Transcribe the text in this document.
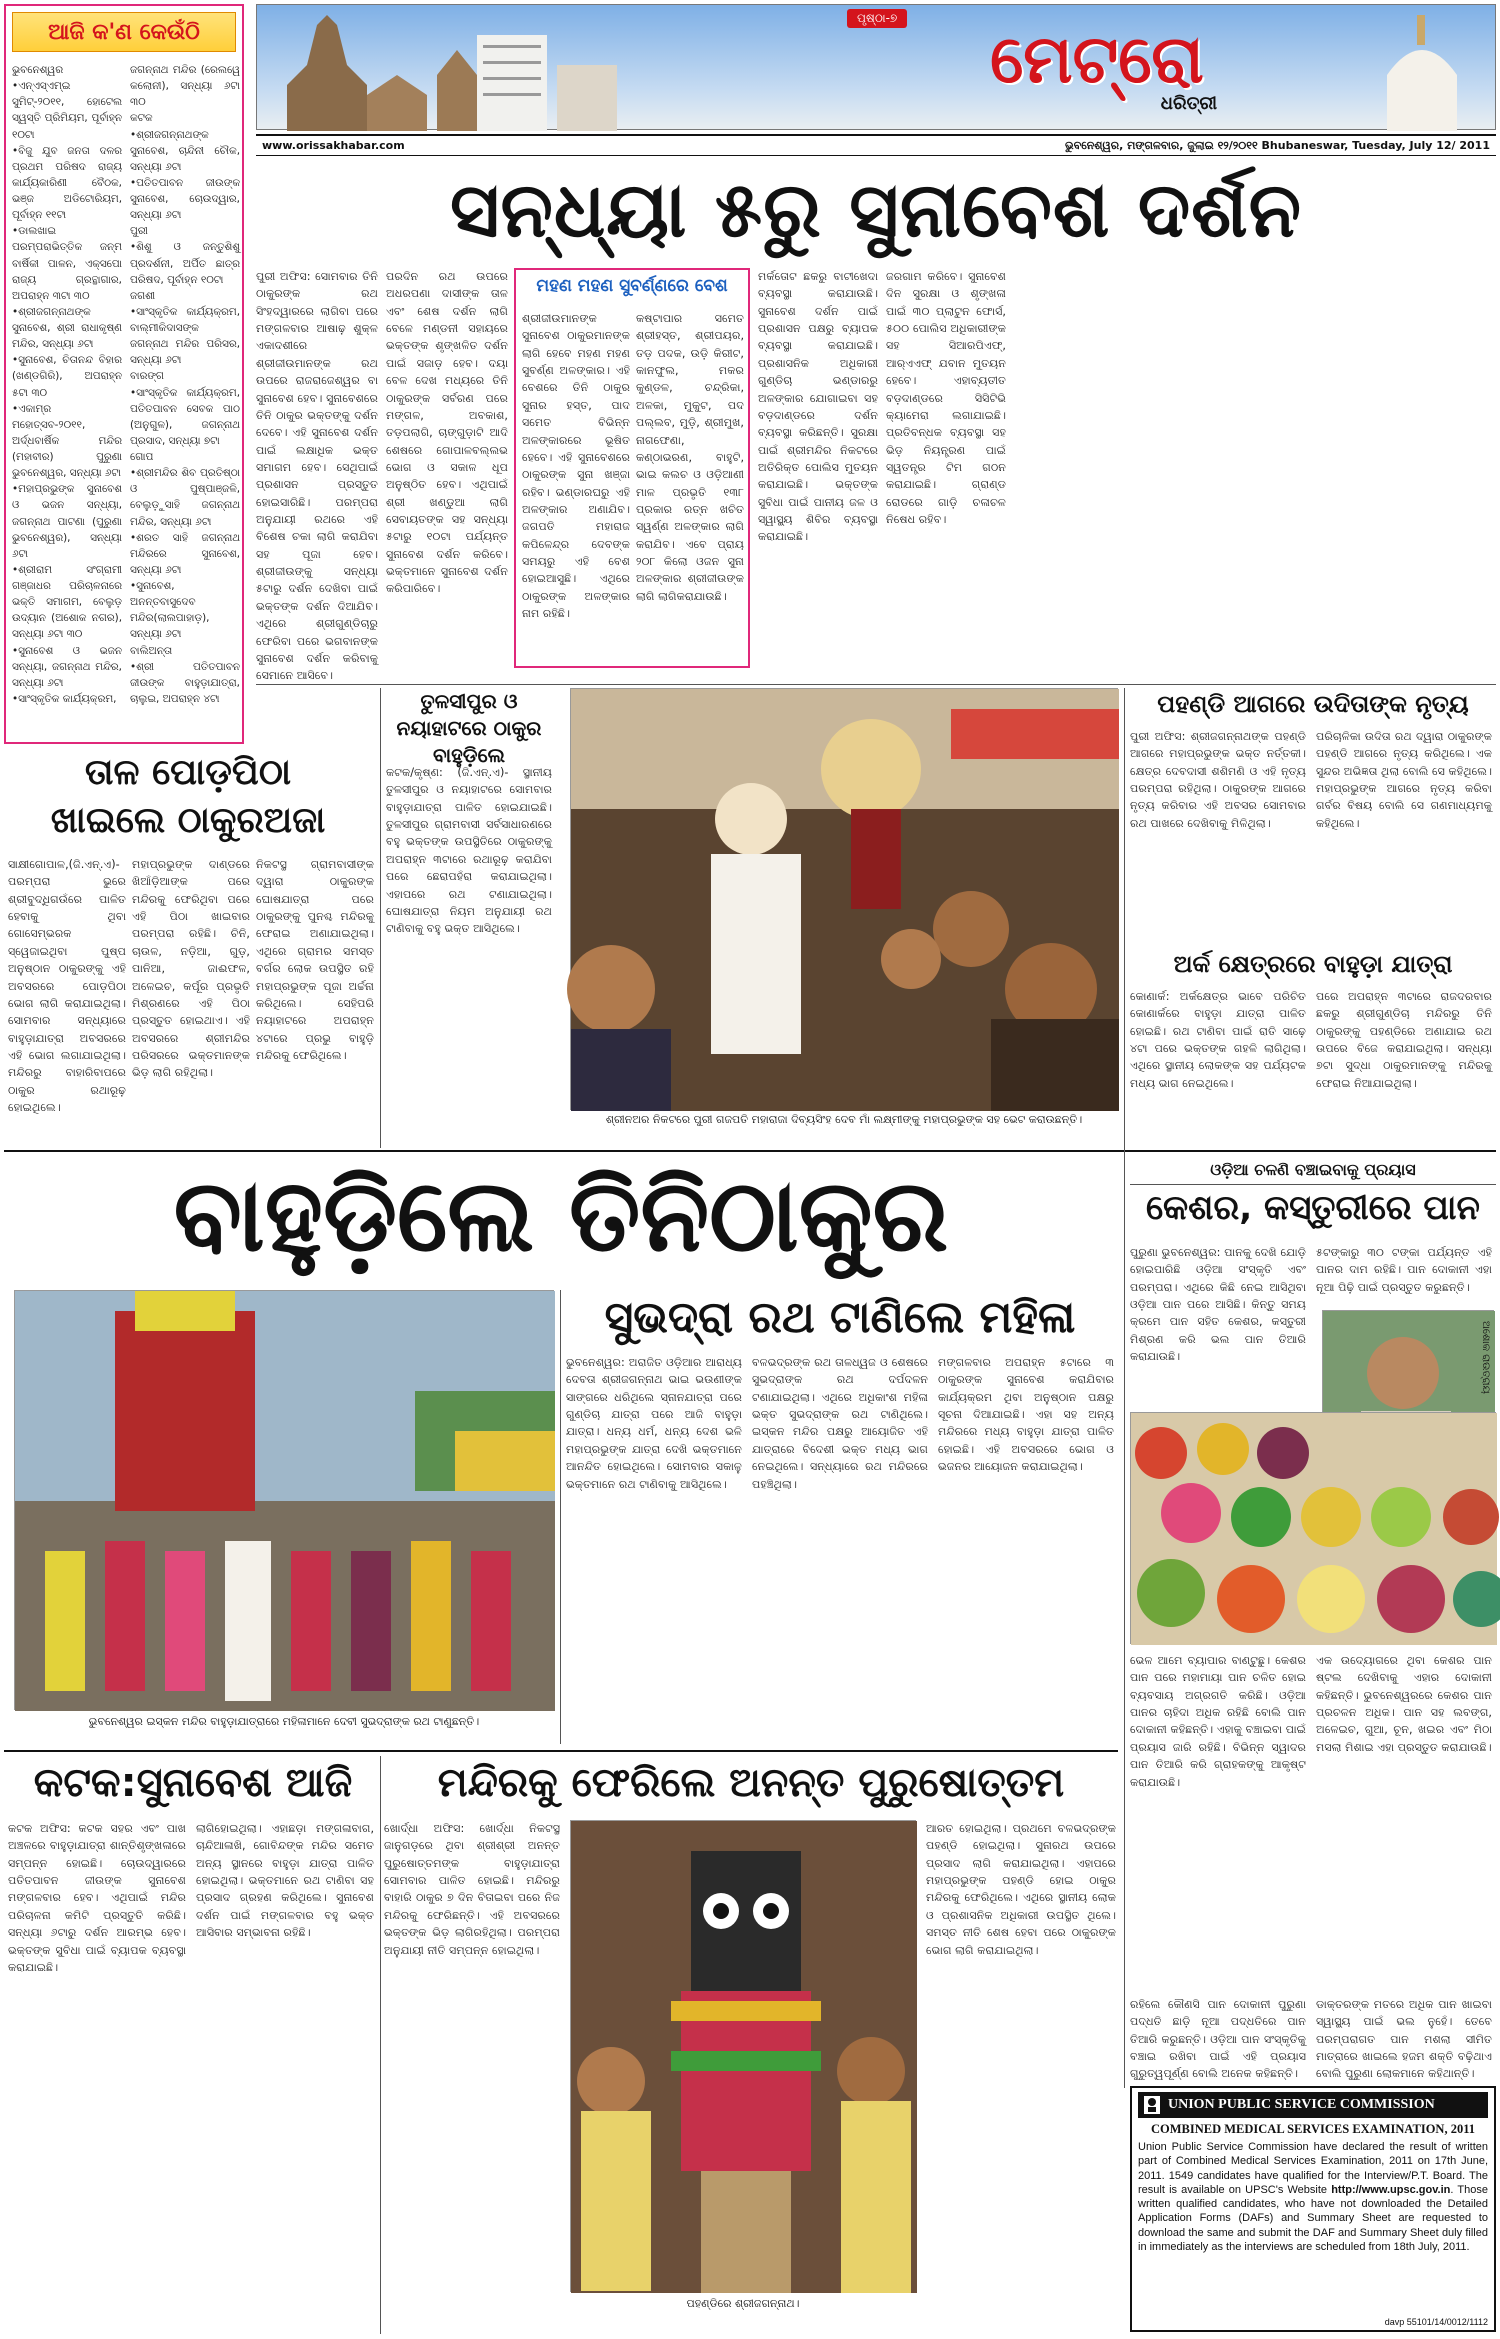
ଆଜି କ'ଣ କେଉଁଠି
ଭୁବନେଶ୍ୱର
•ଏନ୍‌ଏସ୍‌ଏମ୍‌ଇ ସୁମିଟ୍-୨୦୧୧, ହୋଟେଲ ସ୍ୱସ୍ତି ପ୍ରିମିୟମ, ପୂର୍ବାହ୍ନ ୧୦ଟା
•ବିଜୁ ଯୁବ ଜନତା ଦଳର ପ୍ରଥମ ପରିଷଦ ରାଜ୍ୟ କାର୍ଯ୍ୟକାରିଣୀ ବୈଠକ, ଭଞ୍ଜ ଅଡିଟୋରିୟମ, ପୂର୍ବାହ୍ନ ୧୧ଟା
•ଡାଲଖାଇ ପରମ୍ପରାଭିତ୍ତିକ ଜନ୍ମ ବାର୍ଷିକୀ ପାଳନ, ଏକ୍ସପୋ ରାଜ୍ୟ ଗ୍ରନ୍ଥାଗାର, ଅପରାହ୍ନ ୩ଟା ୩୦
•ଶ୍ରୀଜଗନ୍ନାଥଙ୍କ ସୁନାବେଶ, ଶ୍ରୀ ରାଧାକୃଷ୍ଣ ମନ୍ଦିର, ସନ୍ଧ୍ୟା ୬ଟା
•ସୁନାବେଶ, ଚିତାନନ୍ଦ ବିହାର (ଖଣ୍ଡଗିରି), ଅପରାହ୍ନ ୫ଟା ୩୦
•ଏକାମ୍ର ମହୋତ୍ସବ-୨୦୧୧, ଅର୍ଦ୍ଧବାର୍ଷିକ ମନ୍ଦିର (ମହାବୀର) ପୁରୁଣା ଭୁବନେଶ୍ୱର, ସନ୍ଧ୍ୟା ୬ଟା
•ମହାପ୍ରଭୁଙ୍କ ସୁନାବେଶ ଓ ଭଜନ ସନ୍ଧ୍ୟା, ଜଗନ୍ନାଥ ପାଟଣା (ପୁରୁଣା ଭୁବନେଶ୍ୱର), ସନ୍ଧ୍ୟା ୬ଟା
•ଶ୍ରୀରାମ ସଂଗ୍ରାମୀ ଗଞ୍ଜାଧର ପରିଚାଳନାରେ ଭକ୍ତି ସମାଗମ, ବେଲୁଡ଼ ଉଦ୍ୟାନ (ଅଶୋକ ନଗର), ସନ୍ଧ୍ୟା ୬ଟା ୩୦
•ସୁନାବେଶ ଓ ଭଜନ ସନ୍ଧ୍ୟା, ଜଗନ୍ନାଥ ମନ୍ଦିର, ସନ୍ଧ୍ୟା ୬ଟା
•ସାଂସ୍କୃତିକ କାର୍ଯ୍ୟକ୍ରମ,
ଜଗନ୍ନାଥ ମନ୍ଦିର (ରେଲୱେ କଲୋନୀ), ସନ୍ଧ୍ୟା ୬ଟା ୩୦
କଟକ
•ଶ୍ରୀଜଗନ୍ନାଥଙ୍କ ସୁନାବେଶ, ଚାନ୍ଦିନୀ ଚୌକ, ସନ୍ଧ୍ୟା ୬ଟା
•ପତିତପାବନ ଜୀଉଙ୍କ ସୁନାବେଶ, ଚୋଉଦ୍ୱାର, ସନ୍ଧ୍ୟା ୬ଟା
ପୁରୀ
•ଶିଶୁ ଓ ଜନ୍ତୁଶିଶୁ ପ୍ରଦର୍ଶନୀ, ଅର୍ପିତ ଛାତ୍ର ପରିଷଦ, ପୂର୍ବାହ୍ନ ୧୦ଟା
ଜଗଶୀ
•ସାଂସ୍କୃତିକ କାର୍ଯ୍ୟକ୍ରମ, ବାଲ୍ମୀକିଦାସଙ୍କ ଜଗନ୍ନାଥ ମନ୍ଦିର ପରିସର, ସନ୍ଧ୍ୟା ୬ଟା
ବାରଙ୍ଗ
•ସାଂସ୍କୃତିକ କାର୍ଯ୍ୟକ୍ରମ, ପତିତପାବନ ସେବକ ପାଠ (ଅନୁଗୁଳ), ଜଗନ୍ନାଥ ପ୍ରସାଦ, ସନ୍ଧ୍ୟା ୭ଟା
ଗୋପ
•ଶ୍ରୀମନ୍ଦିର ଶିବ ପ୍ରତିଷ୍ଠା ଓ ପୁଷ୍ପାଞ୍ଜଳି, ବେଲୁଡ଼ୁସାହି ଜଗନ୍ନାଥ ମନ୍ଦିର, ସନ୍ଧ୍ୟା ୬ଟା
•ଶରତ ସାହି ଜଗନ୍ନାଥ ମନ୍ଦିରରେ ସୁନାବେଶ, ସନ୍ଧ୍ୟା ୬ଟା
•ସୁନାବେଶ, ଅନନ୍ତବାସୁଦେବ ମନ୍ଦିର(ଲାଲପାହାଡ଼), ସନ୍ଧ୍ୟା ୬ଟା
ବାଲିଅନ୍ତା
•ଶ୍ରୀ ପତିତପାବନ ଜୀଉଙ୍କ ବାହୁଡ଼ାଯାତ୍ରା, ଚାଲୁଇ, ଅପରାହ୍ନ ୪ଟା
ପୃଷ୍ଠା-୭
ମେଟ୍ରୋ
ଧରିତ୍ରୀ
www.orissakhabar.com	ଭୁବନେଶ୍ୱର, ମଙ୍ଗଳବାର, ଜୁଲାଇ ୧୨/୨୦୧୧ Bhubaneswar, Tuesday, July 12/ 2011
ସନ୍ଧ୍ୟା ୫ରୁ ସୁନାବେଶ ଦର୍ଶନ
ପୁରୀ ଅଫିସ: ସୋମବାର ତିନି ଠାକୁରଙ୍କ ରଥ ସିଂହଦ୍ୱାରରେ ଲାଗିବା ପରେ ମଙ୍ଗଳବାର ଆଷାଢ଼ ଶୁକ୍ଳ ଏକାଦଶୀରେ ଶ୍ରୀଜୀଉମାନଙ୍କ ରଥ ଉପରେ ରାଜରାଜେଶ୍ୱର ବା ସୁନାବେଶ ହେବ। ସୁନାବେଶରେ ତିନି ଠାକୁର ଭକ୍ତଙ୍କୁ ଦର୍ଶନ ଦେବେ। ଏହି ସୁନାବେଶ ଦର୍ଶନ ପାଇଁ ଲକ୍ଷାଧିକ ଭକ୍ତ ସମାଗମ ହେବ। ସେଥିପାଇଁ ପ୍ରଶାସନ ପ୍ରସ୍ତୁତ ହୋଇସାରିଛି। ପରମ୍ପରା ଅନୁଯାୟୀ ରଥରେ ଏହି ବିଶେଷ ଚକା ଲାଗି କରାଯିବା ସହ ପୂଜା ହେବ। ଶ୍ରୀଜୀଉଙ୍କୁ ସନ୍ଧ୍ୟା ୫ଟାରୁ ଦର୍ଶନ ଦେଖିବା ପାଇଁ ଭକ୍ତଙ୍କ ଦର୍ଶନ ଦିଆଯିବ। ଏଥିରେ ଶ୍ରୀଗୁଣ୍ଡିଚାରୁ ଫେରିବା ପରେ ଭଗବାନଙ୍କ ସୁନାବେଶ ଦର୍ଶନ କରିବାକୁ ସେମାନେ ଆସିବେ।
ପରଦିନ ରଥ ଉପରେ ଅଧରପଣା ଦାସୀଙ୍କ ତାଳ ଏବଂ ଶେଷ ଦର୍ଶନ ଲାଗି ବେଳେ ମଣ୍ଡନୀ ସହାୟରେ ଭକ୍ତଙ୍କ ଶୃଙ୍ଖଳିତ ଦର୍ଶନ ପାଇଁ ସଜାଡ଼ ହେବ। ଦୟା ବେଳ ଦେଖ ମଧ୍ୟରେ ତିନି ଠାକୁରଙ୍କ ସର୍ବରଣ ପରେ ମଙ୍ଗଳ, ଅବକାଶ, ତଡ଼ପଲାଗି, ଚାଙ୍ଗୁଡ଼ାଟି ଆଦି ଶେଷରେ ଗୋପାଳବଲ୍ଲଭ ଭୋଗ ଓ ସକାଳ ଧୂପ ଅନୁଷ୍ଠିତ ହେବ। ଏଥିପାଇଁ ଶ୍ରୀ ଖଣ୍ଡୁଆ ଲାଗି ସେବାୟତଙ୍କ ସହ ସନ୍ଧ୍ୟା ୫ଟାରୁ ୧୦ଟା ପର୍ଯ୍ୟନ୍ତ ସୁନାବେଶ ଦର୍ଶନ କରିବେ। ଭକ୍ତମାନେ ସୁନାବେଶ ଦର୍ଶନ କରିପାରିବେ।
ମହଣ ମହଣ ସୁବର୍ଣ୍ଣରେ ବେଶ
ଶ୍ରୀଜୀଉମାନଙ୍କ ସୁନାବେଶ ଠାକୁରମାନଙ୍କ ଲାଗି ହେବେ ମହଣ ମହଣ ସୁବର୍ଣ୍ଣ ଅଳଙ୍କାର। ଏହି ବେଶରେ ତିନି ଠାକୁର ସୁନାର ହସ୍ତ, ପାଦ ସମେତ ବିଭିନ୍ନ ଅଳଙ୍କାରରେ ଭୂଷିତ ହେବେ। ଏହି ସୁନାବେଶରେ ଠାକୁରଙ୍କ ସୁନା ଖଞ୍ଜା ରହିବ। ଭଣ୍ଡାରଘରୁ ଏହି ଅଳଙ୍କାର ଅଣାଯିବ। ଜଗପତି ମହାରାଜ କପିଳେନ୍ଦ୍ର ଦେବଙ୍କ ସମୟରୁ ଏହି ବେଶ ହୋଇଆସୁଛି। ଏଥିରେ ଠାକୁରଙ୍କ ଅଳଙ୍କାର ନାମ ରହିଛି।
କଷ୍ଟାପାର ସମେତ ଶ୍ରୀହସ୍ତ, ଶ୍ରୀପୟର, ତଡ଼ ପଦକ, ଉଡ଼ି କିରୀଟ, କାନଫୁଲ, ମକର କୁଣ୍ଡଳ, ଚନ୍ଦ୍ରିକା, ଅଳକା, ମୁକୁଟ, ପଦ ପଲ୍ଲବ, ମୁଡ଼ି, ଶ୍ରୀମୁଖ, ନାଗଫେଣା, କଣ୍ଠାଭରଣ, ବାହୁଟି, ଭାଇ କଲଚ ଓ ଓଡ଼ିଆଣୀ ମାଳ ପ୍ରଭୃତି ୧୩୮ ପ୍ରକାର ରତ୍ନ ଖଚିତ ସ୍ୱର୍ଣ୍ଣ ଅଳଙ୍କାର ଲାଗି କରାଯିବ। ଏବେ ପ୍ରାୟ ୨୦୮ କିଲୋ ଓଜନ ସୁନା ଅଳଙ୍କାର ଶ୍ରୀଜୀଉଙ୍କ ଲାଗି ଲାଗିକରାଯାଉଛି।
ମର୍କତୋଟ ଛକରୁ ବାଟୀଖେଦା ବ୍ୟବସ୍ଥା କରାଯାଉଛି। ସୁନାବେଶ ଦର୍ଶନ ପାଇଁ ପ୍ରଶାସନ ପକ୍ଷରୁ ବ୍ୟାପକ ବ୍ୟବସ୍ଥା କରାଯାଇଛି। ପ୍ରଶାସନିକ ଅଧିକାରୀ ଗୁଣ୍ଡିଚା ଭଣ୍ଡାରରୁ ଅଳଙ୍କାର ଯୋଗାଇବା ସହ ବଡ଼ଦାଣ୍ଡରେ ଦର୍ଶନ ବ୍ୟବସ୍ଥା କରିଛନ୍ତି। ସୁରକ୍ଷା ପାଇଁ ଶ୍ରୀମନ୍ଦିର ନିକଟରେ ଅତିରିକ୍ତ ପୋଲିସ ମୁତୟନ କରାଯାଇଛି। ଭକ୍ତଙ୍କ ସୁବିଧା ପାଇଁ ପାନୀୟ ଜଳ ଓ ସ୍ୱାସ୍ଥ୍ୟ ଶିବିର ବ୍ୟବସ୍ଥା କରାଯାଇଛି।
ଜରଗାମ କରିବେ। ସୁନାବେଶ ଦିନ ସୁରକ୍ଷା ଓ ଶୃଙ୍ଖଳା ପାଇଁ ୩୦ ପ୍ଲାଟୁନ ଫୋର୍ସ, ୫୦୦ ପୋଲିସ ଅଧିକାରୀଙ୍କ ସହ ସିଆରପିଏଫ୍, ଆର୍‌ଏଏଫ୍ ଯବାନ ମୁତୟନ ହେବେ। ଏହାବ୍ୟତୀତ ବଡ଼ଦାଣ୍ଡରେ ସିସିଟିଭି କ୍ୟାମେରା ଲଗାଯାଇଛି। ପ୍ରତିବନ୍ଧକ ବ୍ୟବସ୍ଥା ସହ ଭିଡ଼ ନିୟନ୍ତ୍ରଣ ପାଇଁ ସ୍ୱତନ୍ତ୍ର ଟିମ ଗଠନ କରାଯାଇଛି। ଗ୍ରାଣ୍ଡ ରୋଡରେ ଗାଡ଼ି ଚଳାଚଳ ନିଷେଧ ରହିବ।
ତାଳ ପୋଡ଼ପିଠା
ଖାଇଲେ ଠାକୁରଅଜା
ସାକ୍ଷୀଗୋପାଳ,(ଜି.ଏନ୍.ଏ)- ପରମ୍ପରା ଭୁରେ ଶ୍ରୀବୁଦ୍ଧିଗଉଁରେ ପାଳିତ ହେବାକୁ ଥିବା ଗୋସେମ୍ଭରକ ସ୍ୱେଜାଇଥିବା ପୁଷ୍ପ ଅନୁଷ୍ଠାନ ଠାକୁରଙ୍କୁ ଏହି ଅବସରରେ ପୋଡ଼ପିଠା ଭୋଗ ଲାଗି କରାଯାଇଥିଲା। ସୋମବାର ସନ୍ଧ୍ୟାରେ ବାହୁଡ଼ାଯାତ୍ରା ଅବସରରେ ଏହି ଭୋଗ ଲଗାଯାଇଥିଲା। ମନ୍ଦିରରୁ ବାହାରିବାପରେ ଠାକୁର ରଥାରୂଢ଼ ହୋଇଥିଲେ।
ମହାପ୍ରଭୁଙ୍କ ଦାଣ୍ଡରେ ଖିଆଁଡ଼ିଆଙ୍କ ପରେ ମନ୍ଦିରକୁ ଫେରିଥିବା ପରେ ଏହି ପିଠା ଖାଇବାର ପରମ୍ପରା ରହିଛି। ଚିନି, ଚାଉଳ, ନଡ଼ିଆ, ଗୁଡ଼, ପାନିଆ, ଜାଈଫଳ, ଅଳେଇଚ, କର୍ପୂର ପ୍ରଭୃତି ମିଶ୍ରଣରେ ଏହି ପିଠା ପ୍ରସ୍ତୁତ ହୋଇଥାଏ। ଏହି ଅବସରରେ ଶ୍ରୀମନ୍ଦିର ପରିସରରେ ଭକ୍ତମାନଙ୍କ ଭିଡ଼ ଲାଗି ରହିଥିଲା।
ନିକଟସ୍ଥ ଗ୍ରାମବାସୀଙ୍କ ଦ୍ୱାରା ଠାକୁରଙ୍କ ଘୋଷଯାତ୍ରା ପରେ ଠାକୁରଙ୍କୁ ପୁନଶ୍ଚ ମନ୍ଦିରକୁ ଫେରାଇ ଅଣାଯାଇଥିଲା। ଏଥିରେ ଗ୍ରାମର ସମସ୍ତ ବର୍ଗର ଲୋକ ଉପସ୍ଥିତ ରହି ମହାପ୍ରଭୁଙ୍କ ପୂଜା ଅର୍ଚ୍ଚନା କରିଥିଲେ। ସେହିପରି ନୟାହାଟରେ ଅପରାହ୍ନ ୪ଟାରେ ପ୍ରଭୁ ବାହୁଡ଼ି ମନ୍ଦିରକୁ ଫେରିଥିଲେ।
ତୁଳସୀପୁର ଓ ନୟାହାଟରେ ଠାକୁର ବାହୁଡ଼ିଲେ
କଟକ/କୃଷ୍ଣ: (ଜି.ଏନ୍.ଏ)- ସ୍ଥାନୀୟ ତୁଳସୀପୁର ଓ ନୟାହାଟରେ ସୋମବାର ବାହୁଡ଼ାଯାତ୍ରା ପାଳିତ ହୋଇଯାଇଛି। ତୁଳସୀପୁର ଗ୍ରାମବାସୀ ସର୍ବସାଧାରଣରେ ବହୁ ଭକ୍ତଙ୍କ ଉପସ୍ଥିତିରେ ଠାକୁରଙ୍କୁ ଅପରାହ୍ନ ୩ଟାରେ ରଥାରୂଢ଼ କରାଯିବା ପରେ ଛେରାପହଁରା କରାଯାଇଥିଲା। ଏହାପରେ ରଥ ଟଣାଯାଇଥିଲା। ଘୋଷଯାତ୍ରା ନିୟମ ଅନୁଯାୟୀ ରଥ ଟାଣିବାକୁ ବହୁ ଭକ୍ତ ଆସିଥିଲେ।
ଶ୍ରୀନଅର ନିକଟରେ ପୁରୀ ଗଜପତି ମହାରାଜା ଦିବ୍ୟସିଂହ ଦେବ ମାଁ ଲକ୍ଷ୍ମୀଙ୍କୁ ମହାପ୍ରଭୁଙ୍କ ସହ ଭେଟ କରାଉଛନ୍ତି।
ପହଣ୍ଡି ଆଗରେ ଉଦିତାଙ୍କ ନୃତ୍ୟ
ପୁରୀ ଅଫିସ: ଶ୍ରୀଜଗନ୍ନାଥଙ୍କ ପହଣ୍ଡି ଆଗରେ ମହାପ୍ରଭୁଙ୍କ ଭକ୍ତ ନର୍ତ୍ତକୀ। କ୍ଷେତ୍ର ଦେବଦାସୀ ଶଶିମଣି ଓ ଏହି ନୃତ୍ୟ ପରମ୍ପରା ରହିଥିଲା। ଠାକୁରଙ୍କ ଆଗରେ ନୃତ୍ୟ କରିବାର ଏହି ଅବସର ସୋମବାର ରଥ ପାଖରେ ଦେଖିବାକୁ ମିଳିଥିଲା।
ପରିଚାଳିକା ଉଦିତା ରଥ ଦ୍ୱାରା ଠାକୁରଙ୍କ ପହଣ୍ଡି ଆଗରେ ନୃତ୍ୟ କରିଥିଲେ। ଏକ ସୁନ୍ଦର ଅଭିଜ୍ଞତା ଥିଲା ବୋଲି ସେ କହିଥିଲେ। ମହାପ୍ରଭୁଙ୍କ ଆଗରେ ନୃତ୍ୟ କରିବା ଗର୍ବର ବିଷୟ ବୋଲି ସେ ଗଣମାଧ୍ୟମକୁ କହିଥିଲେ।
ଅର୍କ କ୍ଷେତ୍ରରେ ବାହୁଡ଼ା ଯାତ୍ରା
କୋଣାର୍କ: ଅର୍କକ୍ଷେତ୍ର ଭାବେ ପରିଚିତ କୋଣାର୍କରେ ବାହୁଡ଼ା ଯାତ୍ରା ପାଳିତ ହୋଇଛି। ରଥ ଟାଣିବା ପାଇଁ ରାତି ସାଢ଼େ ୪ଟା ପରେ ଭକ୍ତଙ୍କ ଗହଳି ଲାଗିଥିଲା। ଏଥିରେ ସ୍ଥାନୀୟ ଲୋକଙ୍କ ସହ ପର୍ଯ୍ୟଟକ ମଧ୍ୟ ଭାଗ ନେଇଥିଲେ।
ପରେ ଅପରାହ୍ନ ୩ଟାରେ ରାଜଦରବାର ଛକରୁ ଶ୍ରୀଗୁଣ୍ଡିଚା ମନ୍ଦିରରୁ ତିନି ଠାକୁରଙ୍କୁ ପହଣ୍ଡିରେ ଅଣାଯାଇ ରଥ ଉପରେ ବିଜେ କରାଯାଇଥିଲା। ସନ୍ଧ୍ୟା ୭ଟା ସୁଦ୍ଧା ଠାକୁରମାନଙ୍କୁ ମନ୍ଦିରକୁ ଫେରାଇ ନିଆଯାଇଥିଲା।
ଓଡ଼ିଆ ଚଳଣି ବଞ୍ଚାଇବାକୁ ପ୍ରୟାସ
କେଶର, କସ୍ତୁରୀରେ ପାନ
ପୁରୁଣା ଭୁବନେଶ୍ୱର: ପାନକୁ ଦେଖି ଯୋଡ଼ି ହୋଇପାରିଛି ଓଡ଼ିଆ ସଂସ୍କୃତି ଏବଂ ପରମ୍ପରା। ଏଥିରେ କିଛି ନେଇ ଆସିଥିବା ଓଡ଼ିଆ ପାନ ପରେ ଆସିଛି। କିନ୍ତୁ ସମୟ କ୍ରମେ ପାନ ସହିତ କେଶର, କସ୍ତୁରୀ ମିଶ୍ରଣ କରି ଭଲ ପାନ ତିଆରି କରାଯାଉଛି।
୫ଟଙ୍କାରୁ ୩୦ ଟଙ୍କା ପର୍ଯ୍ୟନ୍ତ ଏହି ପାନର ଦାମ ରହିଛି। ପାନ ଦୋକାନୀ ଏହା ନୂଆ ପିଢ଼ି ପାଇଁ ପ୍ରସ୍ତୁତ କରୁଛନ୍ତି।
ଅଶୋକ ରାଉତ୍ରାୟ
ଭେଳ ଆମେ ବ୍ୟାପାର ବାଣ୍ଟୁଛୁ। କେଶର ପାନ ପରେ ମହାମାୟା ପାନ ଚଳିତ ହୋଇ ବ୍ୟବସାୟ ଅଗ୍ରଗତି କରିଛି। ଓଡ଼ିଆ ପାନର ଚାହିଦା ଅଧିକ ରହିଛି ବୋଲି ପାନ ଦୋକାନୀ କହିଛନ୍ତି। ଏହାକୁ ବଞ୍ଚାଇବା ପାଇଁ ପ୍ରୟାସ ଜାରି ରହିଛି। ବିଭିନ୍ନ ସ୍ୱାଦର ପାନ ତିଆରି କରି ଗ୍ରାହକଙ୍କୁ ଆକୃଷ୍ଟ କରାଯାଉଛି।
ଏକ ଉଦ୍ୟୋଗରେ ଥିବା କେଶର ପାନ ଷ୍ଟଲ ଦେଖିବାକୁ ଏହାର ଦୋକାନୀ କହିଛନ୍ତି। ଭୁବନେଶ୍ୱରରେ କେଶର ପାନ ପ୍ରଚଳନ ଅଧିକ। ପାନ ସହ ଲବଙ୍ଗ, ଅଳେଇଚ, ଗୁଆ, ଚୂନ, ଖଇର ଏବଂ ମିଠା ମସଲା ମିଶାଇ ଏହା ପ୍ରସ୍ତୁତ କରାଯାଉଛି।
ବାହୁଡ଼ିଲେ ତିନିଠାକୁର
ଭୁବନେଶ୍ୱର ଇସ୍କନ ମନ୍ଦିର ବାହୁଡ଼ାଯାତ୍ରାରେ ମହିଳାମାନେ ଦେବୀ ସୁଭଦ୍ରାଙ୍କ ରଥ ଟାଣୁଛନ୍ତି।
ସୁଭଦ୍ରା ରଥ ଟାଣିଲେ ମହିଳା
ଭୁବନେଶ୍ୱର: ଅରାଜିତ ଓଡ଼ିଆର ଆରାଧ୍ୟ ଦେବତା ଶ୍ରୀଜଗନ୍ନାଥ ଭାଇ ଭଉଣୀଙ୍କ ସାଙ୍ଗରେ ଧରିଥିଲେ ସ୍ନାନଯାତ୍ରା ପରେ ଗୁଣ୍ଡିଚା ଯାତ୍ରା ପରେ ଆଜି ବାହୁଡ଼ା ଯାତ୍ରା। ଧନ୍ୟ ଧର୍ମ, ଧନ୍ୟ ଦେଶ ଭଳି ମହାପ୍ରଭୁଙ୍କ ଯାତ୍ରା ଦେଖି ଭକ୍ତମାନେ ଆନନ୍ଦିତ ହୋଇଥିଲେ। ସୋମବାର ସକାଳୁ ଭକ୍ତମାନେ ରଥ ଟାଣିବାକୁ ଆସିଥିଲେ।
ବଳଭଦ୍ରଙ୍କ ରଥ ତାଳଧ୍ୱଜ ଓ ଶେଷରେ ସୁଭଦ୍ରାଙ୍କ ରଥ ଦର୍ପଦଳନ ଟଣାଯାଇଥିଲା। ଏଥିରେ ଅଧିକାଂଶ ମହିଳା ଭକ୍ତ ସୁଭଦ୍ରାଙ୍କ ରଥ ଟାଣିଥିଲେ। ଇସ୍କନ ମନ୍ଦିର ପକ୍ଷରୁ ଆୟୋଜିତ ଏହି ଯାତ୍ରାରେ ବିଦେଶୀ ଭକ୍ତ ମଧ୍ୟ ଭାଗ ନେଇଥିଲେ। ସନ୍ଧ୍ୟାରେ ରଥ ମନ୍ଦିରରେ ପହଞ୍ଚିଥିଲା।
ମଙ୍ଗଳବାର ଅପରାହ୍ନ ୫ଟାରେ ୩ ଠାକୁରଙ୍କ ସୁନାବେଶ କରାଯିବାର କାର୍ଯ୍ୟକ୍ରମ ଥିବା ଅନୁଷ୍ଠାନ ପକ୍ଷରୁ ସୂଚନା ଦିଆଯାଇଛି। ଏହା ସହ ଅନ୍ୟ ମନ୍ଦିରରେ ମଧ୍ୟ ବାହୁଡ଼ା ଯାତ୍ରା ପାଳିତ ହୋଇଛି। ଏହି ଅବସରରେ ଭୋଗ ଓ ଭଜନର ଆୟୋଜନ କରାଯାଇଥିଲା।
କଟକ:ସୁନାବେଶ ଆଜି
କଟକ ଅଫିସ: କଟକ ସହର ଏବଂ ପାଖ ଅଞ୍ଚଳରେ ବାହୁଡ଼ାଯାତ୍ରା ଶାନ୍ତିଶୃଙ୍ଖଳାରେ ସମ୍ପନ୍ନ ହୋଇଛି। ଚୋଉଦ୍ୱାରରେ ପତିତପାବନ ଜୀଉଙ୍କ ସୁନାବେଶ ମଙ୍ଗଳବାର ହେବ। ଏଥିପାଇଁ ମନ୍ଦିର ପରିଚାଳନା କମିଟି ପ୍ରସ୍ତୁତି କରିଛି। ସନ୍ଧ୍ୟା ୬ଟାରୁ ଦର୍ଶନ ଆରମ୍ଭ ହେବ। ଭକ୍ତଙ୍କ ସୁବିଧା ପାଇଁ ବ୍ୟାପକ ବ୍ୟବସ୍ଥା କରାଯାଇଛି।
ଲାଗିହୋଇଥିଲା। ଏହାଛଡ଼ା ମଙ୍ଗଳାବାଗ, ଚାନ୍ଦିଆଳାଖି, ଗୋବିନ୍ଦଙ୍କ ମନ୍ଦିର ସମେତ ଅନ୍ୟ ସ୍ଥାନରେ ବାହୁଡ଼ା ଯାତ୍ରା ପାଳିତ ହୋଇଥିଲା। ଭକ୍ତମାନେ ରଥ ଟାଣିବା ସହ ପ୍ରସାଦ ଗ୍ରହଣ କରିଥିଲେ। ସୁନାବେଶ ଦର୍ଶନ ପାଇଁ ମଙ୍ଗଳବାର ବହୁ ଭକ୍ତ ଆସିବାର ସମ୍ଭାବନା ରହିଛି।
ମନ୍ଦିରକୁ ଫେରିଲେ ଅନନ୍ତ ପୁରୁଷୋତ୍ତମ
ଖୋର୍ଦ୍ଧା ଅଫିସ: ଖୋର୍ଦ୍ଧା ନିକଟସ୍ଥ ଜାନୁଗଡ଼ରେ ଥିବା ଶ୍ରୀଶ୍ରୀ ଅନନ୍ତ ପୁରୁଷୋତ୍ତମଙ୍କ ବାହୁଡ଼ାଯାତ୍ରା ସୋମବାର ପାଳିତ ହୋଇଛି। ମନ୍ଦିରରୁ ବାହାରି ଠାକୁର ୭ ଦିନ ବିତାଇବା ପରେ ନିଜ ମନ୍ଦିରକୁ ଫେରିଛନ୍ତି। ଏହି ଅବସରରେ ଭକ୍ତଙ୍କ ଭିଡ଼ ଲାଗିରହିଥିଲା। ପରମ୍ପରା ଅନୁଯାୟୀ ନୀତି ସମ୍ପନ୍ନ ହୋଇଥିଲା।
ପହଣ୍ଡିରେ ଶ୍ରୀଜଗନ୍ନାଥ।
ଆରତ ହୋଇଥିଲା। ପ୍ରଥମେ ବଳଭଦ୍ରଙ୍କ ପହଣ୍ଡି ହୋଇଥିଲା। ସୁନାରଥ ଉପରେ ପ୍ରସାଦ ଲାଗି କରାଯାଇଥିଲା। ଏହାପରେ ମହାପ୍ରଭୁଙ୍କ ପହଣ୍ଡି ହୋଇ ଠାକୁର ମନ୍ଦିରକୁ ଫେରିଥିଲେ। ଏଥିରେ ସ୍ଥାନୀୟ ଲୋକ ଓ ପ୍ରଶାସନିକ ଅଧିକାରୀ ଉପସ୍ଥିତ ଥିଲେ। ସମସ୍ତ ନୀତି ଶେଷ ହେବା ପରେ ଠାକୁରଙ୍କ ଭୋଗ ଲାଗି କରାଯାଇଥିଲା।
ରହିଲେ କୌଣସି ପାନ ଦୋକାନୀ ପୁରୁଣା ପଦ୍ଧତି ଛାଡ଼ି ନୂଆ ପଦ୍ଧତିରେ ପାନ ତିଆରି କରୁଛନ୍ତି। ଓଡ଼ିଆ ପାନ ସଂସ୍କୃତିକୁ ବଞ୍ଚାଇ ରଖିବା ପାଇଁ ଏହି ପ୍ରୟାସ ଗୁରୁତ୍ୱପୂର୍ଣ୍ଣ ବୋଲି ଅନେକ କହିଛନ୍ତି।
ଡାକ୍ତରଙ୍କ ମତରେ ଅଧିକ ପାନ ଖାଇବା ସ୍ୱାସ୍ଥ୍ୟ ପାଇଁ ଭଲ ନୁହେଁ। ତେବେ ପରମ୍ପରାଗତ ପାନ ମଶଲା ସୀମିତ ମାତ୍ରାରେ ଖାଇଲେ ହଜମ ଶକ୍ତି ବଢ଼ିଥାଏ ବୋଲି ପୁରୁଣା ଲୋକମାନେ କହିଥାନ୍ତି।
UNION PUBLIC SERVICE COMMISSION
COMBINED MEDICAL SERVICES EXAMINATION, 2011
Union Public Service Commission have declared the result of written part of Combined Medical Services Examination, 2011 on 17th June, 2011. 1549 candidates have qualified for the Interview/P.T. Board. The result is available on UPSC's Website http://www.upsc.gov.in. Those written qualified candidates, who have not downloaded the Detailed Application Forms (DAFs) and Summary Sheet are requested to download the same and submit the DAF and Summary Sheet duly filled in immediately as the interviews are scheduled from 18th July, 2011.
davp 55101/14/0012/1112
